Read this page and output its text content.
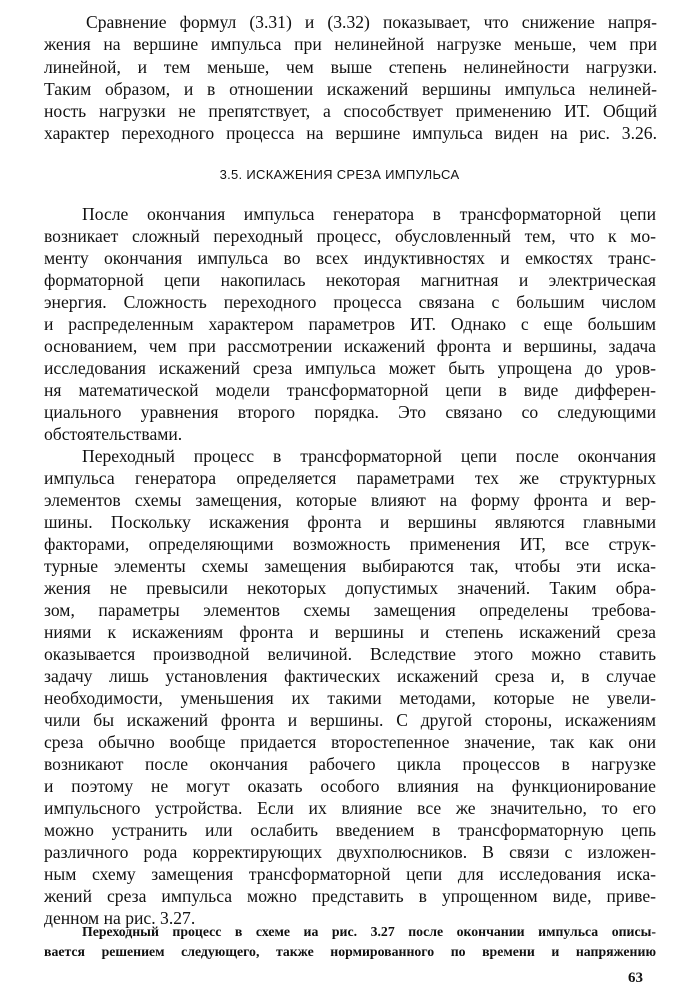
Сравнение формул (3.31) и (3.32) показывает, что снижение напря-
жения на вершине импульса при нелинейной нагрузке меньше, чем при
линейной, и тем меньше, чем выше степень нелинейности нагрузки.
Таким образом, и в отношении искажений вершины импульса нелиней-
ность нагрузки не препятствует, а способствует применению ИТ. Общий
характер переходного процесса на вершине импульса виден на рис. 3.26.
3.5. ИСКАЖЕНИЯ СРЕЗА ИМПУЛЬСА
После окончания импульса генератора в трансформаторной цепи
возникает сложный переходный процесс, обусловленный тем, что к мо-
менту окончания импульса во всех индуктивностях и емкостях транс-
форматорной цепи накопилась некоторая магнитная и электрическая
энергия. Сложность переходного процесса связана с большим числом
и распределенным характером параметров ИТ. Однако с еще большим
основанием, чем при рассмотрении искажений фронта и вершины, задача
исследования искажений среза импульса может быть упрощена до уров-
ня математической модели трансформаторной цепи в виде дифферен-
циального уравнения второго порядка. Это связано со следующими
обстоятельствами.
Переходный процесс в трансформаторной цепи после окончания
импульса генератора определяется параметрами тех же структурных
элементов схемы замещения, которые влияют на форму фронта и вер-
шины. Поскольку искажения фронта и вершины являются главными
факторами, определяющими возможность применения ИТ, все струк-
турные элементы схемы замещения выбираются так, чтобы эти иска-
жения не превысили некоторых допустимых значений. Таким обра-
зом, параметры элементов схемы замещения определены требова-
ниями к искажениям фронта и вершины и степень искажений среза
оказывается производной величиной. Вследствие этого можно ставить
задачу лишь установления фактических искажений среза и, в случае
необходимости, уменьшения их такими методами, которые не увели-
чили бы искажений фронта и вершины. С другой стороны, искажениям
среза обычно вообще придается второстепенное значение, так как они
возникают после окончания рабочего цикла процессов в нагрузке
и поэтому не могут оказать особого влияния на функционирование
импульсного устройства. Если их влияние все же значительно, то его
можно устранить или ослабить введением в трансформаторную цепь
различного рода корректирующих двухполюсников. В связи с изложен-
ным схему замещения трансформаторной цепи для исследования иска-
жений среза импульса можно представить в упрощенном виде, приве-
денном на рис. 3.27.
Переходный процесс в схеме иа рис. 3.27 после окончании импульса описы-
вается решением следующего, также нормированного по времени и напряжению
63
